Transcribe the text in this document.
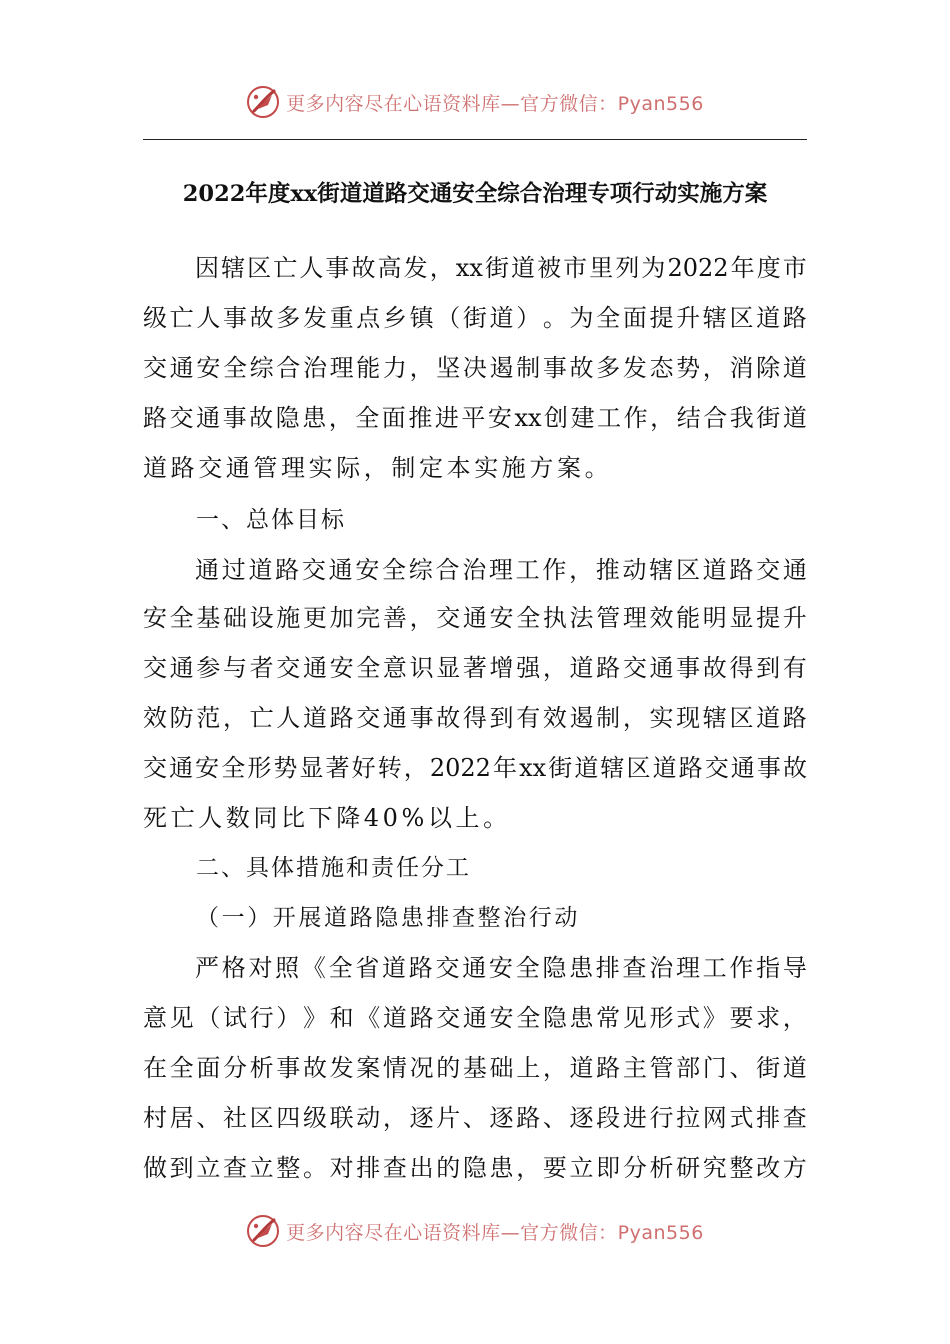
更多内容尽在心语资料库—官方微信：Pyan556
2022年度xx街道道路交通安全综合治理专项行动实施方案
因 辖 区 亡 人 事 故 高 发 ， xx 街 道 被 市 里 列 为 2022 年 度 市
级 亡 人 事 故 多 发 重 点 乡 镇 （ 街 道 ） 。 为 全 面 提 升 辖 区 道 路
交 通 安 全 综 合 治 理 能 力 ， 坚 决 遏 制 事 故 多 发 态 势 ， 消 除 道
路 交 通 事 故 隐 患 ， 全 面 推 进 平 安 xx 创 建 工 作 ， 结 合 我 街 道
道路交通管理实际，制定本实施方案。
一、总体目标
通 过 道 路 交 通 安 全 综 合 治 理 工 作 ， 推 动 辖 区 道 路 交 通
安 全 基 础 设 施 更 加 完 善 ， 交 通 安 全 执 法 管 理 效 能 明 显 提 升
交 通 参 与 者 交 通 安 全 意 识 显 著 增 强 ， 道 路 交 通 事 故 得 到 有
效 防 范 ， 亡 人 道 路 交 通 事 故 得 到 有 效 遏 制 ， 实 现 辖 区 道 路
交 通 安 全 形 势 显 著 好 转 ， 2022 年 xx 街 道 辖 区 道 路 交 通 事 故
死亡人数同比下降40%以上。
二、具体措施和责任分工
（一）开展道路隐患排查整治行动
严 格 对 照 《 全 省 道 路 交 通 安 全 隐 患 排 查 治 理 工 作 指 导
意 见 （ 试 行 ） 》 和 《 道 路 交 通 安 全 隐 患 常 见 形 式 》 要 求 ，
在 全 面 分 析 事 故 发 案 情 况 的 基 础 上 ， 道 路 主 管 部 门 、 街 道
村 居 、 社 区 四 级 联 动 ， 逐 片 、 逐 路 、 逐 段 进 行 拉 网 式 排 查
做 到 立 查 立 整 。 对 排 查 出 的 隐 患 ， 要 立 即 分 析 研 究 整 改 方
更多内容尽在心语资料库—官方微信：Pyan556
